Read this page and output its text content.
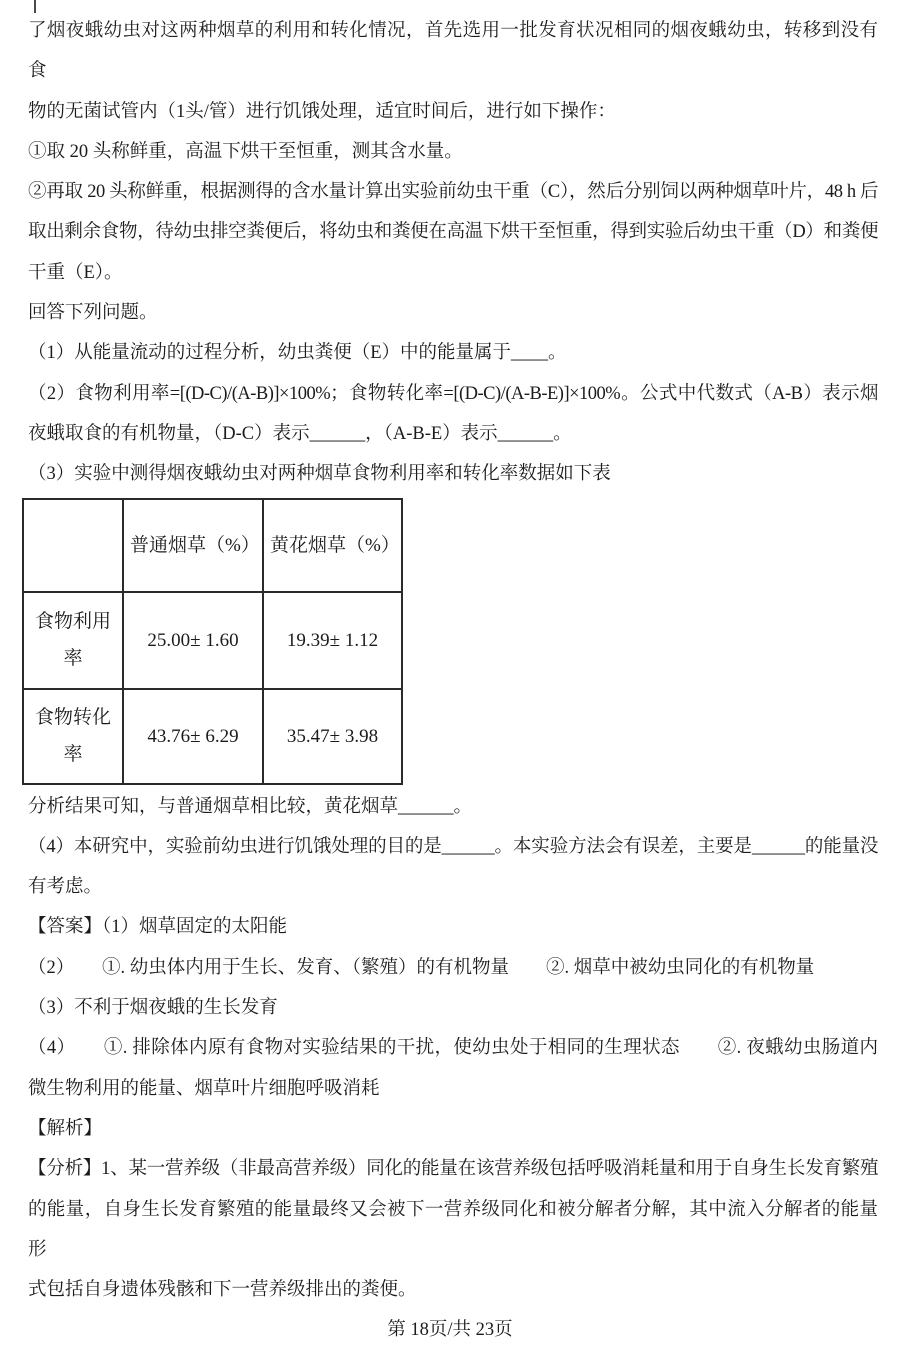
了烟夜蛾幼虫对这两种烟草的利用和转化情况，首先选用一批发育状况相同的烟夜蛾幼虫，转移到没有食
物的无菌试管内（1头/管）进行饥饿处理，适宜时间后，进行如下操作：
①取 20 头称鲜重，高温下烘干至恒重，测其含水量。
②再取 20 头称鲜重，根据测得的含水量计算出实验前幼虫干重（C），然后分别饲以两种烟草叶片，48 h 后
取出剩余食物，待幼虫排空粪便后，将幼虫和粪便在高温下烘干至恒重，得到实验后幼虫干重（D）和粪便
干重（E）。
回答下列问题。
（1）从能量流动的过程分析，幼虫粪便（E）中的能量属于____。
（2）食物利用率=[(D-C)/(A-B)]×100%；食物转化率=[(D-C)/(A-B-E)]×100%。公式中代数式（A-B）表示烟
夜蛾取食的有机物量，（D-C）表示______，（A-B-E）表示______。
（3）实验中测得烟夜蛾幼虫对两种烟草食物利用率和转化率数据如下表
	普通烟草（%）	黄花烟草（%）
食物利用率	25.00± 1.60	19.39± 1.12
食物转化率	43.76± 6.29	35.47± 3.98
分析结果可知，与普通烟草相比较，黄花烟草______。
（4）本研究中，实验前幼虫进行饥饿处理的目的是______。本实验方法会有误差，主要是______的能量没
有考虑。
【答案】（1）烟草固定的太阳能
（2）　　①. 幼虫体内用于生长、发育、（繁殖）的有机物量　　②. 烟草中被幼虫同化的有机物量
（3）不利于烟夜蛾的生长发育
（4）　　①. 排除体内原有食物对实验结果的干扰，使幼虫处于相同的生理状态　　②. 夜蛾幼虫肠道内
微生物利用的能量、烟草叶片细胞呼吸消耗
【解析】
【分析】1、某一营养级（非最高营养级）同化的能量在该营养级包括呼吸消耗量和用于自身生长发育繁殖
的能量，自身生长发育繁殖的能量最终又会被下一营养级同化和被分解者分解，其中流入分解者的能量形
式包括自身遗体残骸和下一营养级排出的粪便。
第 18页/共 23页
